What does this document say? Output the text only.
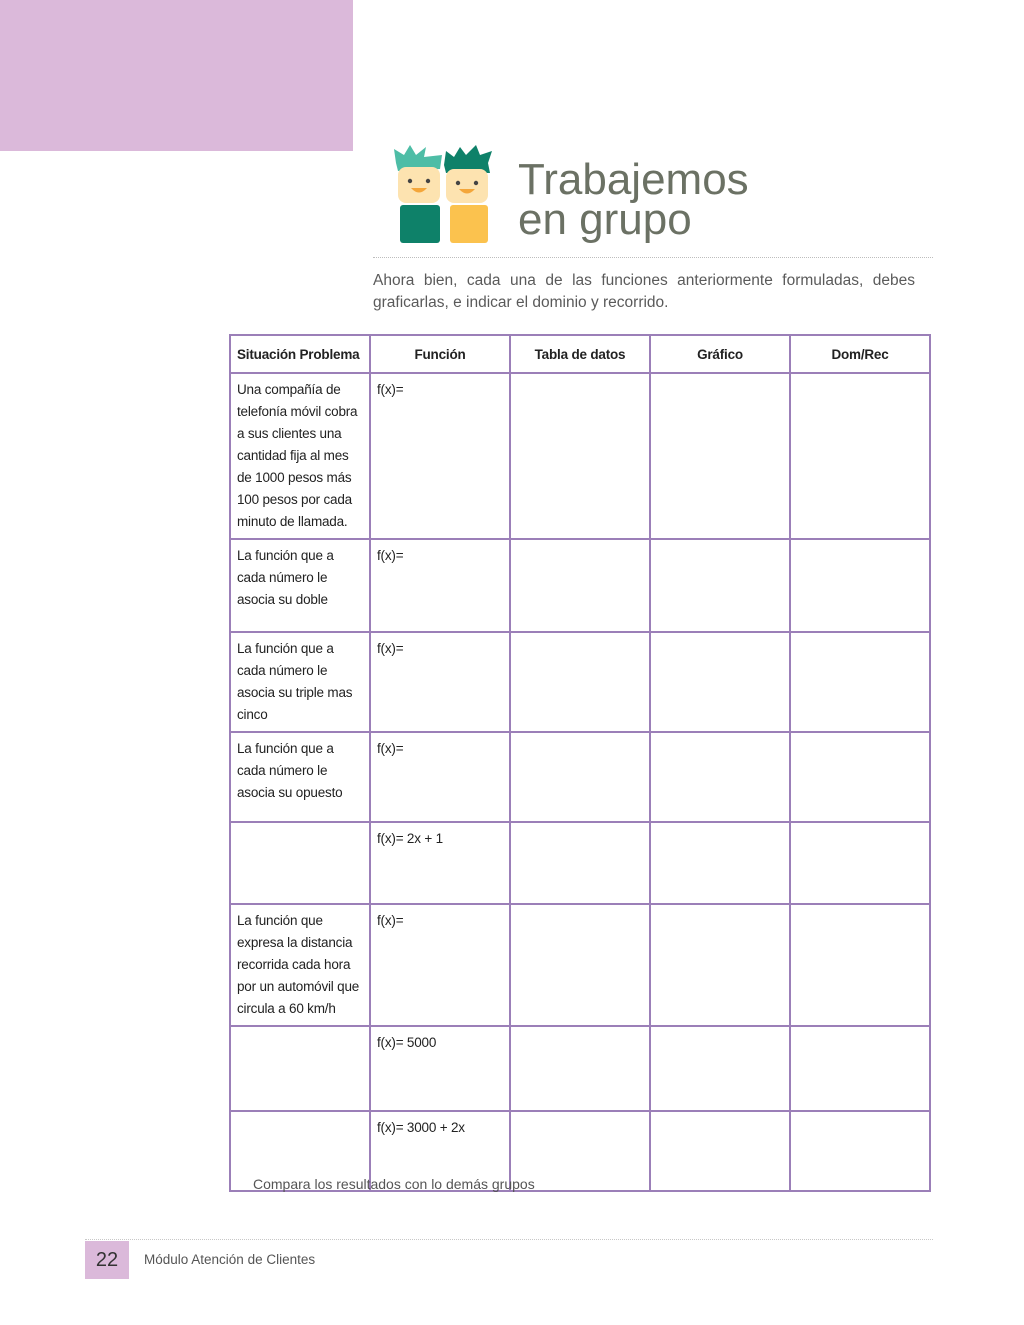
Trabajemos
en grupo
Ahora bien, cada una de las funciones anteriormente formuladas, debes graficarlas, e indicar el dominio y recorrido.
Situación Problema	Función	Tabla de datos	Gráfico	Dom/Rec
Una compañía de telefonía móvil cobra a sus clientes una cantidad fija al mes de 1000 pesos más 100 pesos por cada minuto de llamada.	f(x)=			
La función que a cada número le asocia su doble	f(x)=			
La función que a cada número le asocia su triple mas cinco	f(x)=			
La función que a cada número le asocia su opuesto	f(x)=			
	f(x)= 2x + 1			
La función que expresa la distancia recorrida cada hora por un automóvil que circula a 60 km/h	f(x)=			
	f(x)= 5000			
	f(x)= 3000 + 2x			
Compara los resultados con lo demás grupos
22	Módulo Atención de Clientes
